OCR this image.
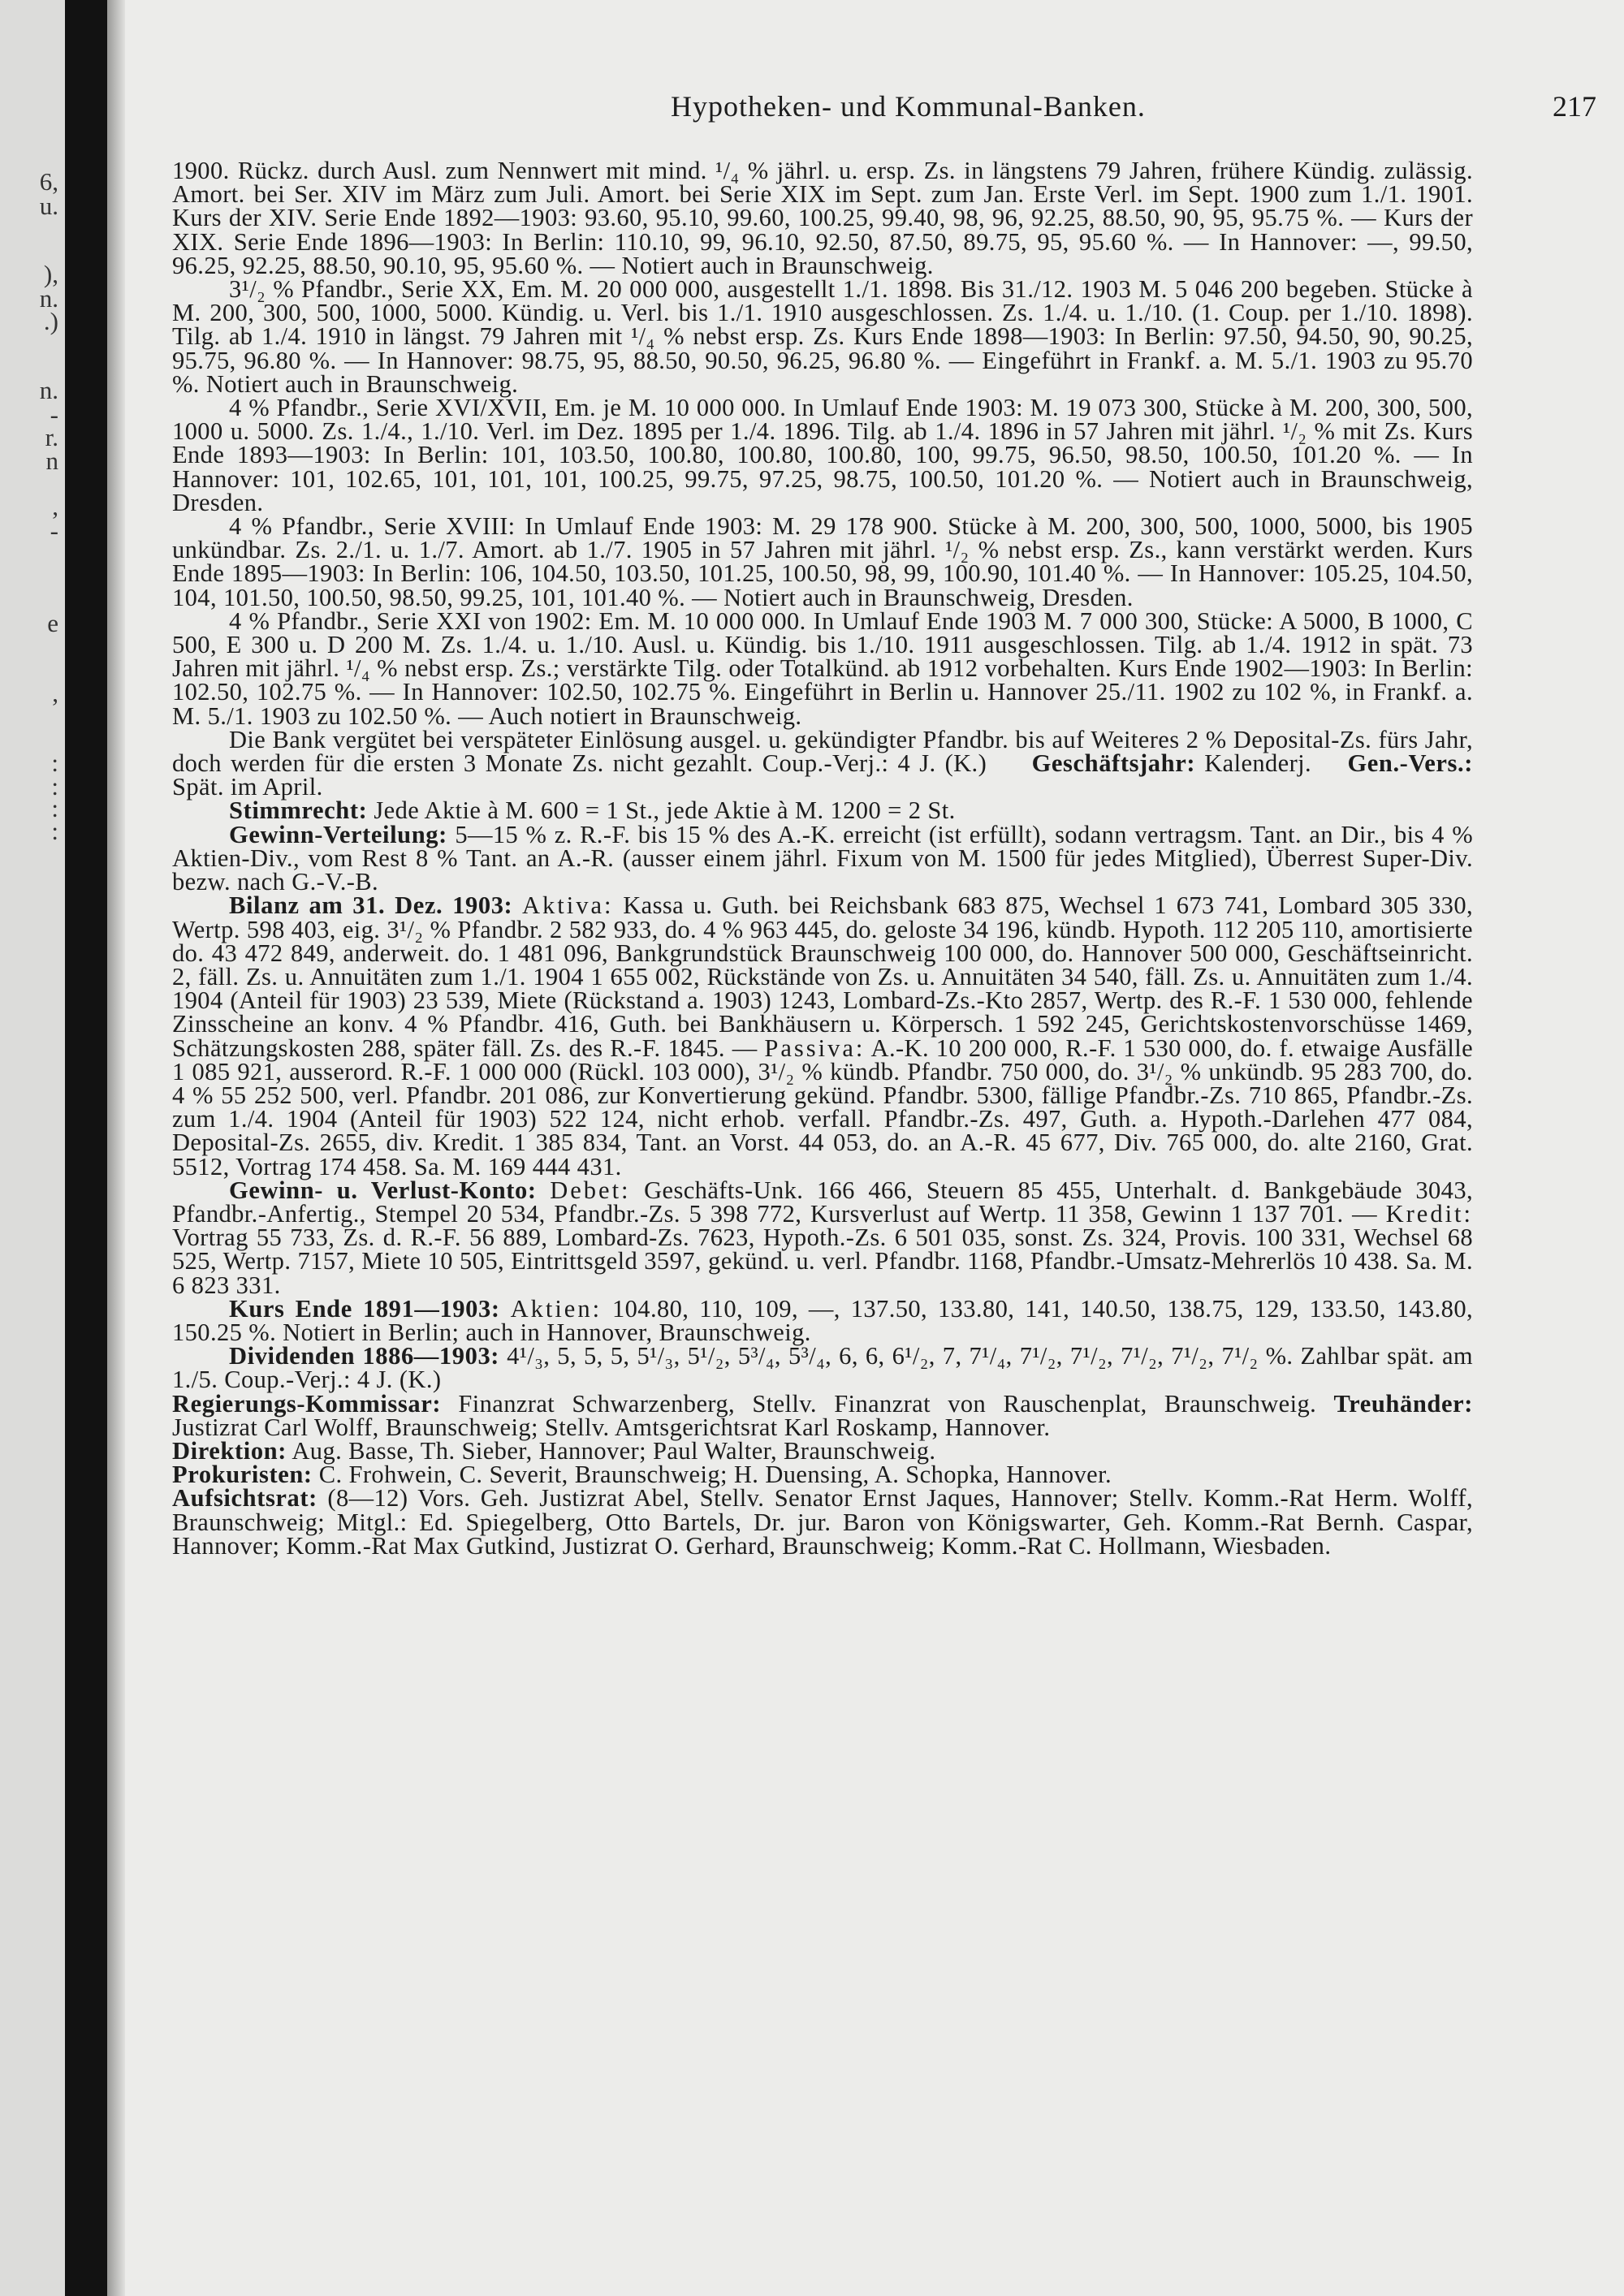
6,
u.
),
n.
.)
n.
-
r.
n
,
-
e
,
:
:
:
:
Hypotheken- und Kommunal-Banken.	217

1900. Rückz. durch Ausl. zum Nennwert mit mind. ¹/₄ % jährl. u. ersp. Zs. in längstens 79 Jahren, frühere Kündig. zulässig. Amort. bei Ser. XIV im März zum Juli. Amort. bei Serie XIX im Sept. zum Jan. Erste Verl. im Sept. 1900 zum 1./1. 1901. Kurs der XIV. Serie Ende 1892—1903: 93.60, 95.10, 99.60, 100.25, 99.40, 98, 96, 92.25, 88.50, 90, 95, 95.75 %. — Kurs der XIX. Serie Ende 1896—1903: In Berlin: 110.10, 99, 96.10, 92.50, 87.50, 89.75, 95, 95.60 %. — In Hannover: —, 99.50, 96.25, 92.25, 88.50, 90.10, 95, 95.60 %. — Notiert auch in Braunschweig.

3¹/₂ % Pfandbr., Serie XX, Em. M. 20 000 000, ausgestellt 1./1. 1898. Bis 31./12. 1903 M. 5 046 200 begeben. Stücke à M. 200, 300, 500, 1000, 5000. Kündig. u. Verl. bis 1./1. 1910 ausgeschlossen. Zs. 1./4. u. 1./10. (1. Coup. per 1./10. 1898). Tilg. ab 1./4. 1910 in längst. 79 Jahren mit ¹/₄ % nebst ersp. Zs. Kurs Ende 1898—1903: In Berlin: 97.50, 94.50, 90, 90.25, 95.75, 96.80 %. — In Hannover: 98.75, 95, 88.50, 90.50, 96.25, 96.80 %. — Eingeführt in Frankf. a. M. 5./1. 1903 zu 95.70 %. Notiert auch in Braunschweig.

4 % Pfandbr., Serie XVI/XVII, Em. je M. 10 000 000. In Umlauf Ende 1903: M. 19 073 300, Stücke à M. 200, 300, 500, 1000 u. 5000. Zs. 1./4., 1./10. Verl. im Dez. 1895 per 1./4. 1896. Tilg. ab 1./4. 1896 in 57 Jahren mit jährl. ¹/₂ % mit Zs. Kurs Ende 1893—1903: In Berlin: 101, 103.50, 100.80, 100.80, 100.80, 100, 99.75, 96.50, 98.50, 100.50, 101.20 %. — In Hannover: 101, 102.65, 101, 101, 101, 100.25, 99.75, 97.25, 98.75, 100.50, 101.20 %. — Notiert auch in Braunschweig, Dresden.

4 % Pfandbr., Serie XVIII: In Umlauf Ende 1903: M. 29 178 900. Stücke à M. 200, 300, 500, 1000, 5000, bis 1905 unkündbar. Zs. 2./1. u. 1./7. Amort. ab 1./7. 1905 in 57 Jahren mit jährl. ¹/₂ % nebst ersp. Zs., kann verstärkt werden. Kurs Ende 1895—1903: In Berlin: 106, 104.50, 103.50, 101.25, 100.50, 98, 99, 100.90, 101.40 %. — In Hannover: 105.25, 104.50, 104, 101.50, 100.50, 98.50, 99.25, 101, 101.40 %. — Notiert auch in Braunschweig, Dresden.

4 % Pfandbr., Serie XXI von 1902: Em. M. 10 000 000. In Umlauf Ende 1903 M. 7 000 300, Stücke: A 5000, B 1000, C 500, E 300 u. D 200 M. Zs. 1./4. u. 1./10. Ausl. u. Kündig. bis 1./10. 1911 ausgeschlossen. Tilg. ab 1./4. 1912 in spät. 73 Jahren mit jährl. ¹/₄ % nebst ersp. Zs.; verstärkte Tilg. oder Totalkünd. ab 1912 vorbehalten. Kurs Ende 1902—1903: In Berlin: 102.50, 102.75 %. — In Hannover: 102.50, 102.75 %. Eingeführt in Berlin u. Hannover 25./11. 1902 zu 102 %, in Frankf. a. M. 5./1. 1903 zu 102.50 %. — Auch notiert in Braunschweig.

Die Bank vergütet bei verspäteter Einlösung ausgel. u. gekündigter Pfandbr. bis auf Weiteres 2 % Deposital-Zs. fürs Jahr, doch werden für die ersten 3 Monate Zs. nicht gezahlt. Coup.-Verj.: 4 J. (K.) Geschäftsjahr: Kalenderj. Gen.-Vers.: Spät. im April.

Stimmrecht: Jede Aktie à M. 600 = 1 St., jede Aktie à M. 1200 = 2 St.

Gewinn-Verteilung: 5—15 % z. R.-F. bis 15 % des A.-K. erreicht (ist erfüllt), sodann vertragsm. Tant. an Dir., bis 4 % Aktien-Div., vom Rest 8 % Tant. an A.-R. (ausser einem jährl. Fixum von M. 1500 für jedes Mitglied), Überrest Super-Div. bezw. nach G.-V.-B.

Bilanz am 31. Dez. 1903: Aktiva: Kassa u. Guth. bei Reichsbank 683 875, Wechsel 1 673 741, Lombard 305 330, Wertp. 598 403, eig. 3¹/₂ % Pfandbr. 2 582 933, do. 4 % 963 445, do. geloste 34 196, kündb. Hypoth. 112 205 110, amortisierte do. 43 472 849, anderweit. do. 1 481 096, Bankgrundstück Braunschweig 100 000, do. Hannover 500 000, Geschäftseinricht. 2, fäll. Zs. u. Annuitäten zum 1./1. 1904 1 655 002, Rückstände von Zs. u. Annuitäten 34 540, fäll. Zs. u. Annuitäten zum 1./4. 1904 (Anteil für 1903) 23 539, Miete (Rückstand a. 1903) 1243, Lombard-Zs.-Kto 2857, Wertp. des R.-F. 1 530 000, fehlende Zinsscheine an konv. 4 % Pfandbr. 416, Guth. bei Bankhäusern u. Körpersch. 1 592 245, Gerichtskostenvorschüsse 1469, Schätzungskosten 288, später fäll. Zs. des R.-F. 1845. — Passiva: A.-K. 10 200 000, R.-F. 1 530 000, do. f. etwaige Ausfälle 1 085 921, ausserord. R.-F. 1 000 000 (Rückl. 103 000), 3¹/₂ % kündb. Pfandbr. 750 000, do. 3¹/₂ % unkündb. 95 283 700, do. 4 % 55 252 500, verl. Pfandbr. 201 086, zur Konvertierung gekünd. Pfandbr. 5300, fällige Pfandbr.-Zs. 710 865, Pfandbr.-Zs. zum 1./4. 1904 (Anteil für 1903) 522 124, nicht erhob. verfall. Pfandbr.-Zs. 497, Guth. a. Hypoth.-Darlehen 477 084, Deposital-Zs. 2655, div. Kredit. 1 385 834, Tant. an Vorst. 44 053, do. an A.-R. 45 677, Div. 765 000, do. alte 2160, Grat. 5512, Vortrag 174 458. Sa. M. 169 444 431.

Gewinn- u. Verlust-Konto: Debet: Geschäfts-Unk. 166 466, Steuern 85 455, Unterhalt. d. Bankgebäude 3043, Pfandbr.-Anfertig., Stempel 20 534, Pfandbr.-Zs. 5 398 772, Kursverlust auf Wertp. 11 358, Gewinn 1 137 701. — Kredit: Vortrag 55 733, Zs. d. R.-F. 56 889, Lombard-Zs. 7623, Hypoth.-Zs. 6 501 035, sonst. Zs. 324, Provis. 100 331, Wechsel 68 525, Wertp. 7157, Miete 10 505, Eintrittsgeld 3597, gekünd. u. verl. Pfandbr. 1168, Pfandbr.-Umsatz-Mehrerlös 10 438. Sa. M. 6 823 331.

Kurs Ende 1891—1903: Aktien: 104.80, 110, 109, —, 137.50, 133.80, 141, 140.50, 138.75, 129, 133.50, 143.80, 150.25 %. Notiert in Berlin; auch in Hannover, Braunschweig.

Dividenden 1886—1903: 4¹/₃, 5, 5, 5, 5¹/₃, 5¹/₂, 5³/₄, 5³/₄, 6, 6, 6¹/₂, 7, 7¹/₄, 7¹/₂, 7¹/₂, 7¹/₂, 7¹/₂, 7¹/₂ %. Zahlbar spät. am 1./5. Coup.-Verj.: 4 J. (K.)

Regierungs-Kommissar: Finanzrat Schwarzenberg, Stellv. Finanzrat von Rauschenplat, Braunschweig. Treuhänder: Justizrat Carl Wolff, Braunschweig; Stellv. Amtsgerichtsrat Karl Roskamp, Hannover.

Direktion: Aug. Basse, Th. Sieber, Hannover; Paul Walter, Braunschweig.

Prokuristen: C. Frohwein, C. Severit, Braunschweig; H. Duensing, A. Schopka, Hannover.

Aufsichtsrat: (8—12) Vors. Geh. Justizrat Abel, Stellv. Senator Ernst Jaques, Hannover; Stellv. Komm.-Rat Herm. Wolff, Braunschweig; Mitgl.: Ed. Spiegelberg, Otto Bartels, Dr. jur. Baron von Königswarter, Geh. Komm.-Rat Bernh. Caspar, Hannover; Komm.-Rat Max Gutkind, Justizrat O. Gerhard, Braunschweig; Komm.-Rat C. Hollmann, Wiesbaden.
